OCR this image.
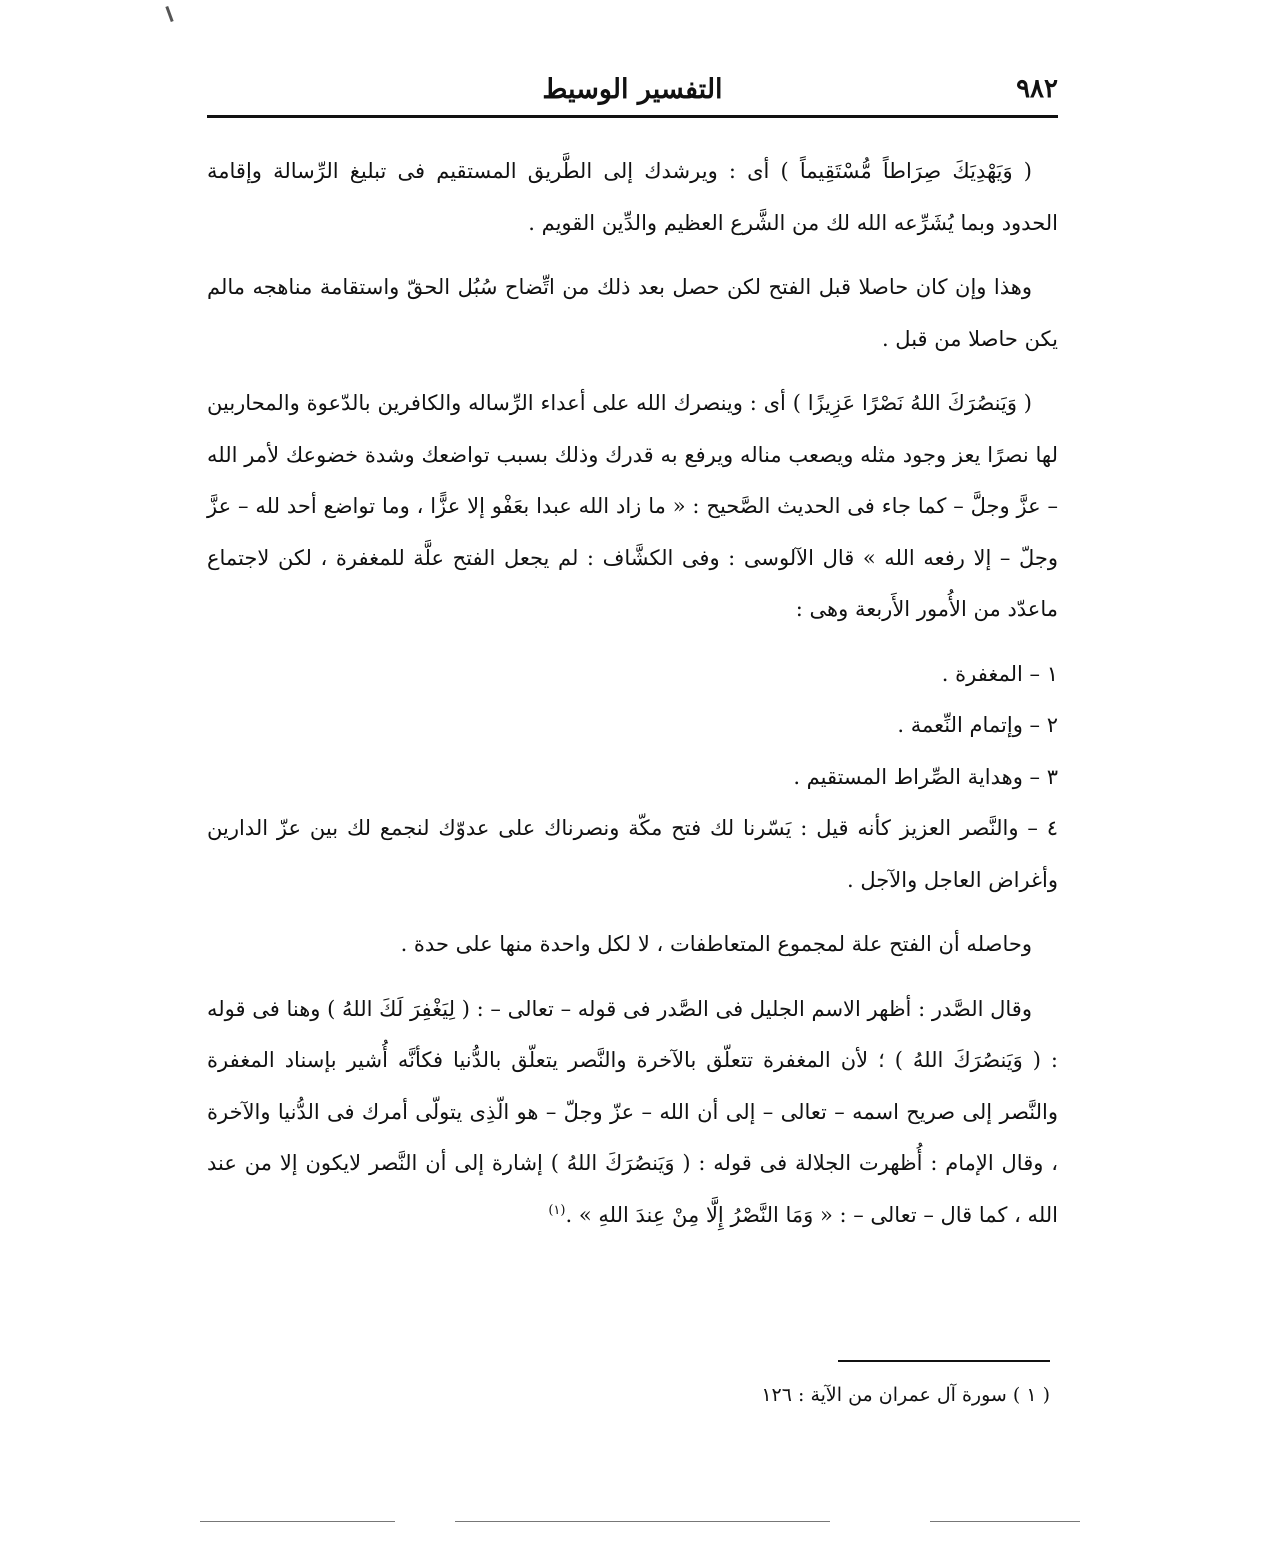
٩٨٢
التفسير الوسيط

( وَيَهْدِيَكَ صِرَاطاً مُّسْتَقِيماً ) أى : ويرشدك إلى الطَّريق المستقيم فى تبليغ الرِّسالة وإقامة الحدود وبما يُشَرِّعه الله لك من الشَّرع العظيم والدِّين القويم .

وهذا وإن كان حاصلا قبل الفتح لكن حصل بعد ذلك من اتِّضاح سُبُل الحقّ واستقامة مناهجه مالم يكن حاصلا من قبل .

( وَيَنصُرَكَ اللهُ نَصْرًا عَزِيزًا ) أى : وينصرك الله على أعداء الرِّساله والكافرين بالدّعوة والمحاربين لها نصرًا يعز وجود مثله ويصعب مناله ويرفع به قدرك وذلك بسبب تواضعك وشدة خضوعك لأمر الله – عزَّ وجلَّ – كما جاء فى الحديث الصَّحيح : « ما زاد الله عبدا بعَفْو إلا عزًّا ، وما تواضع أحد لله – عزَّ وجلّ – إلا رفعه الله » قال الآلوسى : وفى الكشَّاف : لم يجعل الفتح علَّة للمغفرة ، لكن لاجتماع ماعدّد من الأُمور الأَربعة وهى :

١ – المغفرة .
٢ – وإتمام النِّعمة .
٣ – وهداية الصِّراط المستقيم .
٤ – والنَّصر العزيز كأنه قيل : يَسّرنا لك فتح مكّة ونصرناك على عدوّك لنجمع لك بين عزّ الدارين وأغراض العاجل والآجل .

وحاصله أن الفتح علة لمجموع المتعاطفات ، لا لكل واحدة منها على حدة .

وقال الصَّدر : أظهر الاسم الجليل فى الصَّدر فى قوله – تعالى – : ( لِيَغْفِرَ لَكَ اللهُ ) وهنا فى قوله : ( وَيَنصُرَكَ اللهُ ) ؛ لأن المغفرة تتعلّق بالآخرة والنَّصر يتعلّق بالدُّنيا فكأنَّه أُشير بإسناد المغفرة والنَّصر إلى صريح اسمه – تعالى – إلى أن الله – عزّ وجلّ – هو الّذِى يتولّى أمرك فى الدُّنيا والآخرة ، وقال الإمام : أُظهرت الجلالة فى قوله : ( وَيَنصُرَكَ اللهُ ) إشارة إلى أن النَّصر لايكون إلا من عند الله ، كما قال – تعالى – : « وَمَا النَّصْرُ إِلَّا مِنْ عِندَ اللهِ » .$^{(١)}$

( ١ ) سورة آل عمران من الآية : ١٢٦
